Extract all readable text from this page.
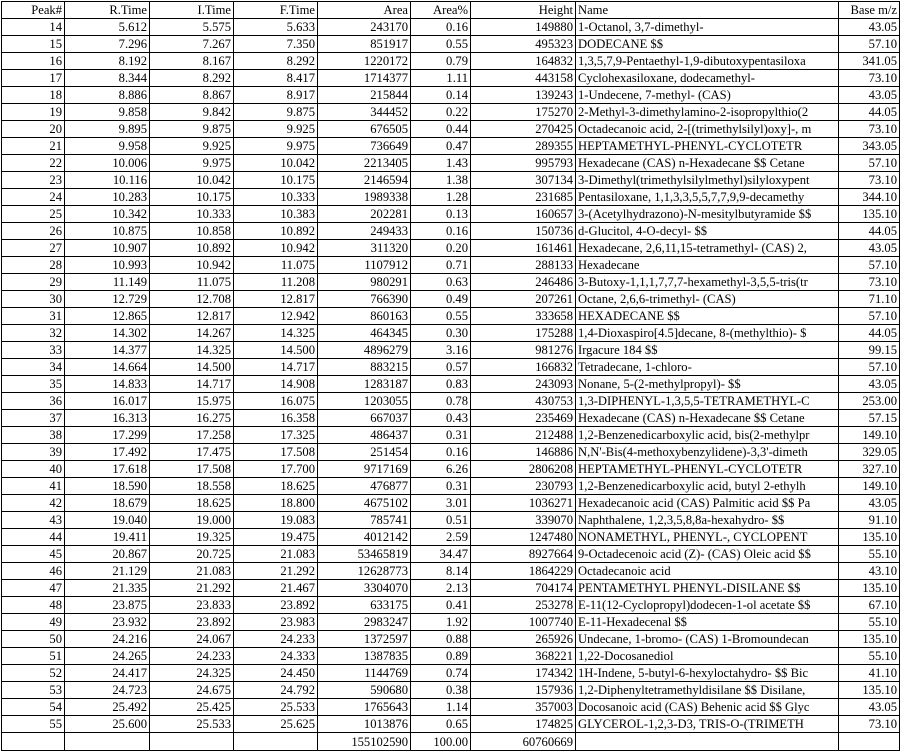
Peak#	R.Time	I.Time	F.Time	Area	Area%	Height	Name	Base m/z
14	5.612	5.575	5.633	243170	0.16	149880	1-Octanol, 3,7-dimethyl-	43.05
15	7.296	7.267	7.350	851917	0.55	495323	DODECANE $$	57.10
16	8.192	8.167	8.292	1220172	0.79	164832	1,3,5,7,9-Pentaethyl-1,9-dibutoxypentasiloxa	341.05
17	8.344	8.292	8.417	1714377	1.11	443158	Cyclohexasiloxane, dodecamethyl-	73.10
18	8.886	8.867	8.917	215844	0.14	139243	1-Undecene, 7-methyl- (CAS)	43.05
19	9.858	9.842	9.875	344452	0.22	175270	2-Methyl-3-dimethylamino-2-isopropylthio(2	44.05
20	9.895	9.875	9.925	676505	0.44	270425	Octadecanoic acid, 2-[(trimethylsilyl)oxy]-, m	73.10
21	9.958	9.925	9.975	736649	0.47	289355	HEPTAMETHYL-PHENYL-CYCLOTETR	343.05
22	10.006	9.975	10.042	2213405	1.43	995793	Hexadecane (CAS) n-Hexadecane $$ Cetane	57.10
23	10.116	10.042	10.175	2146594	1.38	307134	3-Dimethyl(trimethylsilylmethyl)silyloxypent	73.10
24	10.283	10.175	10.333	1989338	1.28	231685	Pentasiloxane, 1,1,3,3,5,5,7,7,9,9-decamethy	344.10
25	10.342	10.333	10.383	202281	0.13	160657	3-(Acetylhydrazono)-N-mesitylbutyramide $$	135.10
26	10.875	10.858	10.892	249433	0.16	150736	d-Glucitol, 4-O-decyl- $$	44.05
27	10.907	10.892	10.942	311320	0.20	161461	Hexadecane, 2,6,11,15-tetramethyl- (CAS) 2,	43.05
28	10.993	10.942	11.075	1107912	0.71	288133	Hexadecane	57.10
29	11.149	11.075	11.208	980291	0.63	246486	3-Butoxy-1,1,1,7,7,7-hexamethyl-3,5,5-tris(tr	73.10
30	12.729	12.708	12.817	766390	0.49	207261	Octane, 2,6,6-trimethyl- (CAS)	71.10
31	12.865	12.817	12.942	860163	0.55	333658	HEXADECANE $$	57.10
32	14.302	14.267	14.325	464345	0.30	175288	1,4-Dioxaspiro[4.5]decane, 8-(methylthio)- $	44.05
33	14.377	14.325	14.500	4896279	3.16	981276	Irgacure 184 $$	99.15
34	14.664	14.500	14.717	883215	0.57	166832	Tetradecane, 1-chloro-	57.10
35	14.833	14.717	14.908	1283187	0.83	243093	Nonane, 5-(2-methylpropyl)- $$	43.05
36	16.017	15.975	16.075	1203055	0.78	430753	1,3-DIPHENYL-1,3,5,5-TETRAMETHYL-C	253.00
37	16.313	16.275	16.358	667037	0.43	235469	Hexadecane (CAS) n-Hexadecane $$ Cetane	57.15
38	17.299	17.258	17.325	486437	0.31	212488	1,2-Benzenedicarboxylic acid, bis(2-methylpr	149.10
39	17.492	17.475	17.508	251454	0.16	146886	N,N'-Bis(4-methoxybenzylidene)-3,3'-dimeth	329.05
40	17.618	17.508	17.700	9717169	6.26	2806208	HEPTAMETHYL-PHENYL-CYCLOTETR	327.10
41	18.590	18.558	18.625	476877	0.31	230793	1,2-Benzenedicarboxylic acid, butyl 2-ethylh	149.10
42	18.679	18.625	18.800	4675102	3.01	1036271	Hexadecanoic acid (CAS) Palmitic acid $$ Pa	43.05
43	19.040	19.000	19.083	785741	0.51	339070	Naphthalene, 1,2,3,5,8,8a-hexahydro- $$	91.10
44	19.411	19.325	19.475	4012142	2.59	1247480	NONAMETHYL, PHENYL-, CYCLOPENT	135.10
45	20.867	20.725	21.083	53465819	34.47	8927664	9-Octadecenoic acid (Z)- (CAS) Oleic acid $$	55.10
46	21.129	21.083	21.292	12628773	8.14	1864229	Octadecanoic acid	43.10
47	21.335	21.292	21.467	3304070	2.13	704174	PENTAMETHYL PHENYL-DISILANE $$	135.10
48	23.875	23.833	23.892	633175	0.41	253278	E-11(12-Cyclopropyl)dodecen-1-ol acetate $$	67.10
49	23.932	23.892	23.983	2983247	1.92	1007740	E-11-Hexadecenal $$	55.10
50	24.216	24.067	24.233	1372597	0.88	265926	Undecane, 1-bromo- (CAS) 1-Bromoundecan	135.10
51	24.265	24.233	24.333	1387835	0.89	368221	1,22-Docosanediol	55.10
52	24.417	24.325	24.450	1144769	0.74	174342	1H-Indene, 5-butyl-6-hexyloctahydro- $$ Bic	41.10
53	24.723	24.675	24.792	590680	0.38	157936	1,2-Diphenyltetramethyldisilane $$ Disilane,	135.10
54	25.492	25.425	25.533	1765643	1.14	357003	Docosanoic acid (CAS) Behenic acid $$ Glyc	43.05
55	25.600	25.533	25.625	1013876	0.65	174825	GLYCEROL-1,2,3-D3, TRIS-O-(TRIMETH	73.10
				155102590	100.00	60760669		
